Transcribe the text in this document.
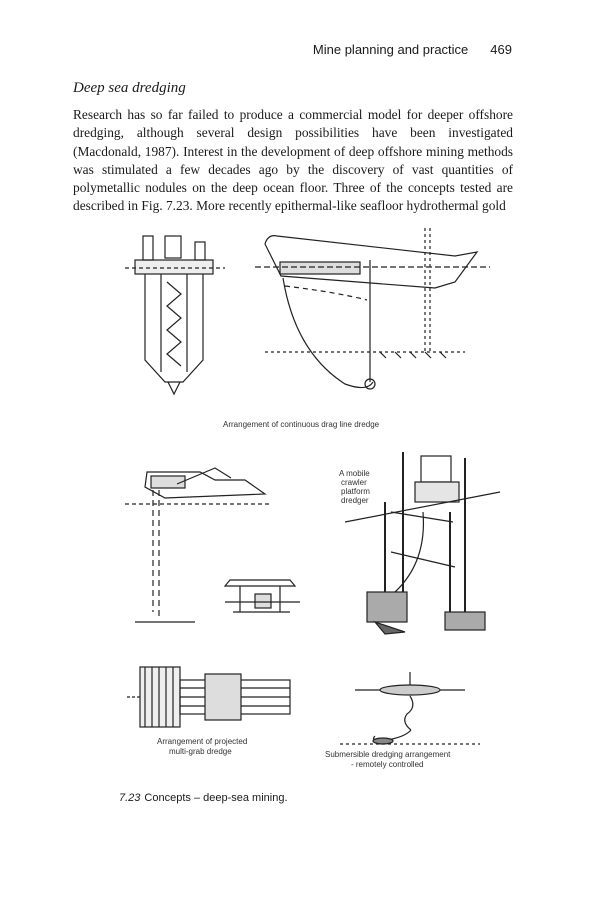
Mine planning and practice 469
Deep sea dredging

Research has so far failed to produce a commercial model for deeper offshore dredging, although several design possibilities have been investigated (Macdonald, 1987). Interest in the development of deep offshore mining methods was stimulated a few decades ago by the discovery of vast quantities of polymetallic nodules on the deep ocean floor. Three of the concepts tested are described in Fig. 7.23. More recently epithermal-like seafloor hydrothermal gold

Arrangement of continuous drag line dredge
A mobile
crawler
platform
dredger
Arrangement of projected
multi-grab dredge	Submersible dredging arrangement
- remotely controlled
7.23 Concepts – deep-sea mining.
